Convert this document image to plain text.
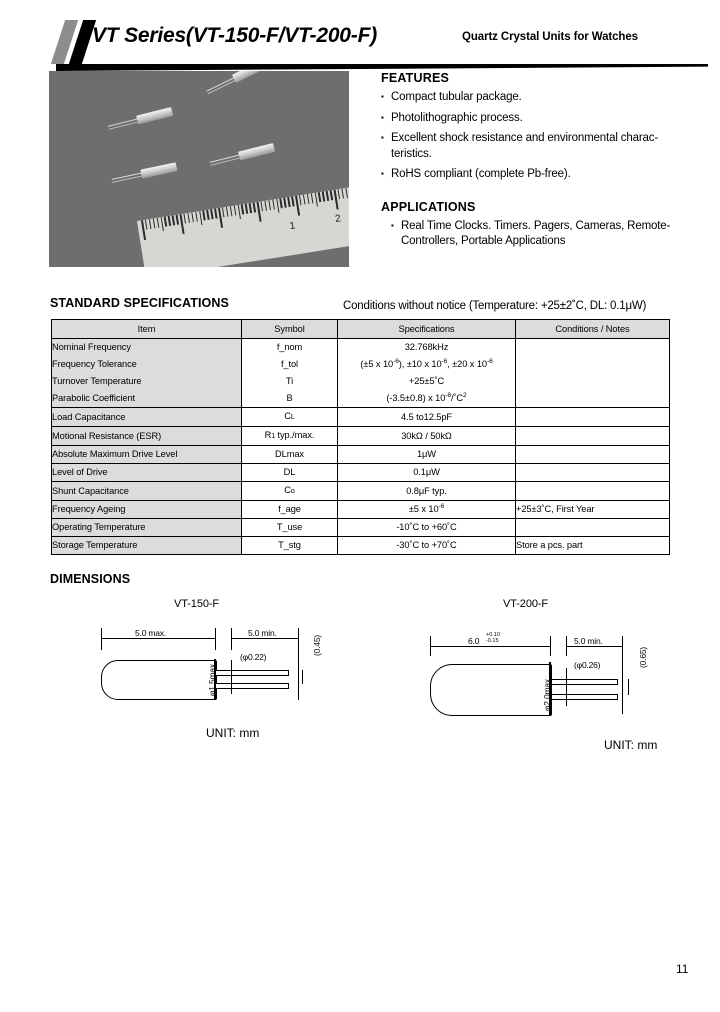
VT Series(VT-150-F/VT-200-F)	Quartz Crystal Units for Watches
1
2
FEATURES
▪ Compact tubular package.
▪ Photolithographic process.
▪ Excellent shock resistance and environmental charac-
teristics.
▪ RoHS compliant (complete Pb-free).
APPLICATIONS
▪ Real Time Clocks. Timers. Pagers, Cameras, Remote-
Controllers, Portable Applications
STANDARD SPECIFICATIONS	Conditions without notice (Temperature: +25±2˚C, DL: 0.1μW)
Item	Symbol	Specifications	Conditions / Notes
Nominal Frequency	f_nom	32.768kHz	
Frequency Tolerance	f_tol	(±5 x $10^{-6}$), ±10 x $10^{-6}$, ±20 x $10^{-6}$	
Turnover Temperature	Ti	+25±5˚C	
Parabolic Coefficient	B	(-3.5±0.8) x $10^{-8}/˚C^2$	
Load Capacitance	CL	4.5 to12.5pF	
Motional Resistance (ESR)	R1 typ./max.	30kΩ / 50kΩ	
Absolute Maximum Drive Level	DLmax	1μW	
Level of Drive	DL	0.1μW	
Shunt Capacitance	Co	0.8μF typ.	
Frequency Ageing	f_age	±5 x $10^{-6}$	+25±3˚C, First Year
Operating Temperature	T_use	-10˚C to +60˚C	
Storage Temperature	T_stg	-30˚C to +70˚C	Store a pcs. part
DIMENSIONS
VT-150-F
5.0 max.	5.0 min.
φ1.5max.
(φ0.22)
(0.45)
UNIT: mm
VT-200-F
6.0
+0.10
-0.15	5.0 min.
φ2.0max.
(φ0.26)	(0.65)
UNIT: mm
11
